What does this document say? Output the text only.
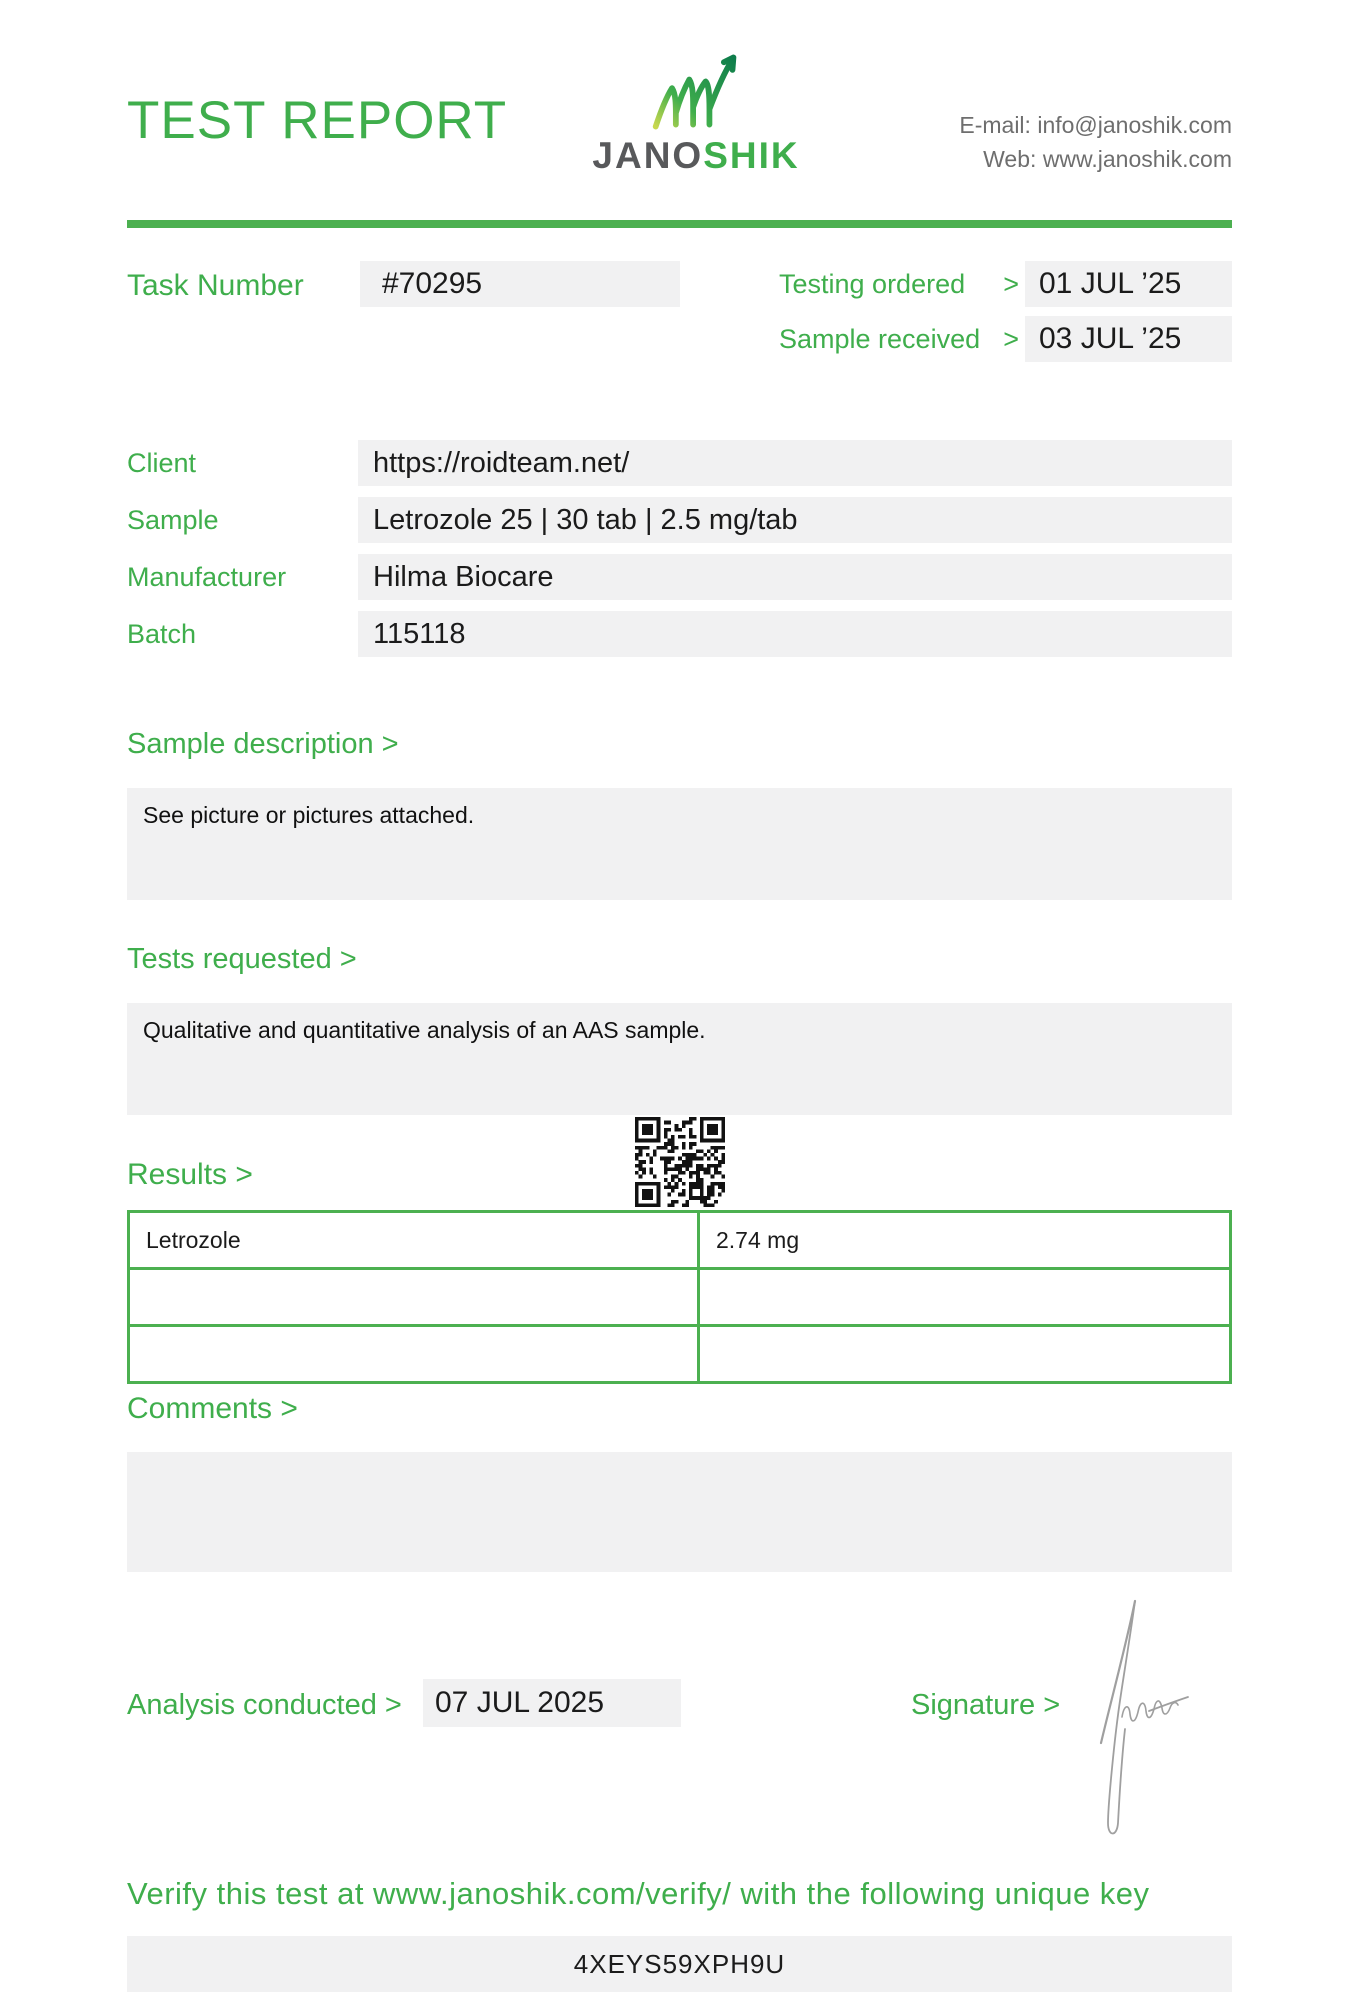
TEST REPORT
JANOSHIK
E-mail: info@janoshik.com
Web: www.janoshik.com
Task Number	#70295	Testing ordered > 01 JUL ’25
Sample received > 03 JUL ’25
Client	https://roidteam.net/
Sample	Letrozole 25 | 30 tab | 2.5 mg/tab
Manufacturer	Hilma Biocare
Batch	115118
Sample description >
See picture or pictures attached.
Tests requested >
Qualitative and quantitative analysis of an AAS sample.
Results >
Letrozole	2.74 mg

Comments >
Analysis conducted >	07 JUL 2025	Signature >
Verify this test at www.janoshik.com/verify/ with the following unique key
4XEYS59XPH9U
